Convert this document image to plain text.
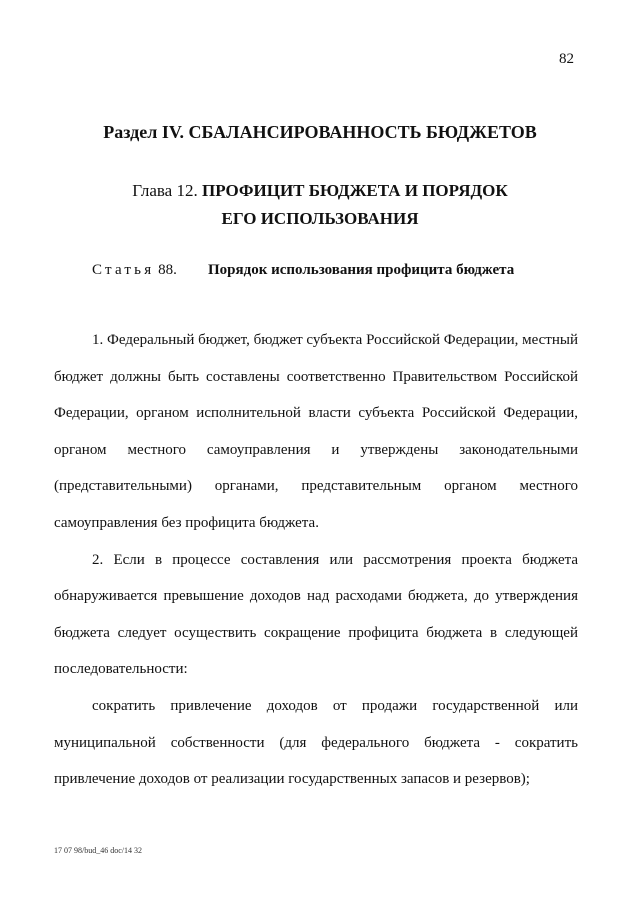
82
Раздел IV. СБАЛАНСИРОВАННОСТЬ БЮДЖЕТОВ
Глава 12. ПРОФИЦИТ БЮДЖЕТА И ПОРЯДОК
ЕГО ИСПОЛЬЗОВАНИЯ
Статья 88. Порядок использования профицита бюджета

1. Федеральный бюджет, бюджет субъекта Российской Федерации, местный бюджет должны быть составлены соответственно Правительством Российской Федерации, органом исполнительной власти субъекта Российской Федерации, органом местного самоуправления и утверждены законодательными (представительными) органами, представительным органом местного самоуправления без профицита бюджета.

2. Если в процессе составления или рассмотрения проекта бюджета обнаруживается превышение доходов над расходами бюджета, до утверждения бюджета следует осуществить сокращение профицита бюджета в следующей последовательности:

сократить привлечение доходов от продажи государственной или муниципальной собственности (для федерального бюджета - сократить привлечение доходов от реализации государственных запасов и резервов);

17 07 98/bud_46 doc/14 32
